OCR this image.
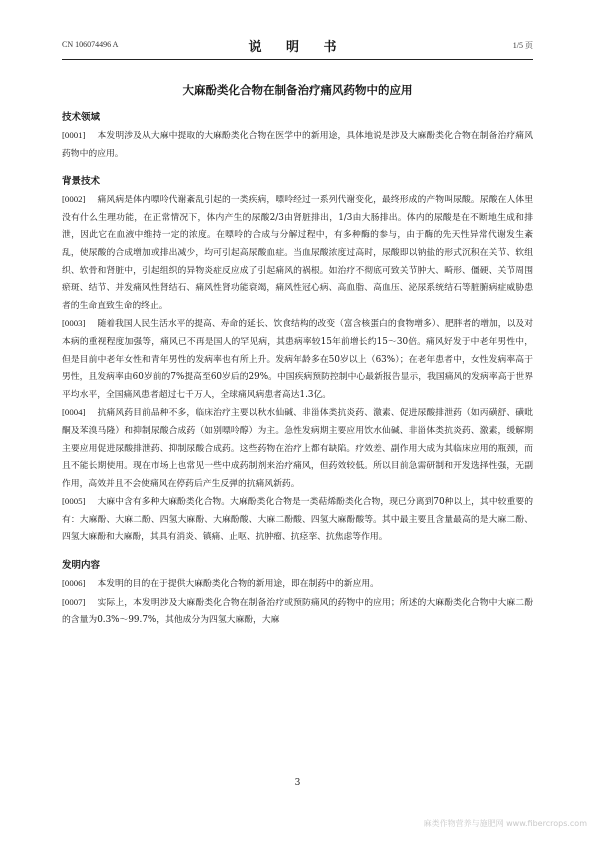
CN 106074496 A	说 明 书	1/5 页
大麻酚类化合物在制备治疗痛风药物中的应用
技术领域

[0001] 本发明涉及从大麻中提取的大麻酚类化合物在医学中的新用途，具体地说是涉及大麻酚类化合物在制备治疗痛风药物中的应用。

背景技术

[0002] 痛风病是体内嘌呤代谢紊乱引起的一类疾病，嘌呤经过一系列代谢变化，最终形成的产物叫尿酸。尿酸在人体里没有什么生理功能，在正常情况下，体内产生的尿酸2/3由肾脏排出，1/3由大肠排出。体内的尿酸是在不断地生成和排泄，因此它在血液中维持一定的浓度。在嘌呤的合成与分解过程中，有多种酶的参与，由于酶的先天性异常代谢发生紊乱，使尿酸的合成增加或排出减少，均可引起高尿酸血症。当血尿酸浓度过高时，尿酸即以钠盐的形式沉积在关节、软组织、软骨和肾脏中，引起组织的异物炎症反应成了引起痛风的祸根。如治疗不彻底可致关节肿大、畸形、僵硬、关节周围瘀斑、结节、并发痛风性肾结石、痛风性肾功能衰竭，痛风性冠心病、高血脂、高血压、泌尿系统结石等脏腑病症威胁患者的生命直致生命的终止。

[0003] 随着我国人民生活水平的提高、寿命的延长、饮食结构的改变（富含核蛋白的食物增多）、肥胖者的增加，以及对本病的重视程度加强等，痛风已不再是国人的罕见病，其患病率较15年前增长约15～30倍。痛风好发于中老年男性中，但是目前中老年女性和青年男性的发病率也有所上升。发病年龄多在50岁以上（63%）；在老年患者中，女性发病率高于男性，且发病率由60岁前的7%提高至60岁后的29%。中国疾病预防控制中心最新报告显示，我国痛风的发病率高于世界平均水平，全国痛风患者超过七千万人，全球痛风病患者高达1.3亿。

[0004] 抗痛风药目前品种不多，临床治疗主要以秋水仙碱、非甾体类抗炎药、激素、促进尿酸排泄药（如丙磺舒、磺吡酮及苯溴马隆）和抑制尿酸合成药（如别嘌呤醇）为主。急性发病期主要应用饮水仙碱、非甾体类抗炎药、激素，缓解期主要应用促进尿酸排泄药、抑制尿酸合成药。这些药物在治疗上都有缺陷。疗效差、副作用大成为其临床应用的瓶颈，而且不能长期使用。现在市场上也常见一些中成药制剂来治疗痛风，但药效较低。所以目前急需研制和开发选择性强，无副作用，高效并且不会使痛风在停药后产生反弹的抗痛风新药。

[0005] 大麻中含有多种大麻酚类化合物。大麻酚类化合物是一类萜烯酚类化合物，现已分离到70种以上，其中较重要的有：大麻酚、大麻二酚、四氢大麻酚、大麻酚酸、大麻二酚酸、四氢大麻酚酸等。其中最主要且含量最高的是大麻二酚、四氢大麻酚和大麻酚，其具有消炎、镇痛、止呕、抗肿瘤、抗痉挛、抗焦虑等作用。

发明内容

[0006] 本发明的目的在于提供大麻酚类化合物的新用途，即在制药中的新应用。

[0007] 实际上，本发明涉及大麻酚类化合物在制备治疗或预防痛风的药物中的应用；所述的大麻酚类化合物中大麻二酚的含量为0.3%～99.7%，其他成分为四氢大麻酚，大麻

3
麻类作物营养与施肥网 www.fibercrops.com
